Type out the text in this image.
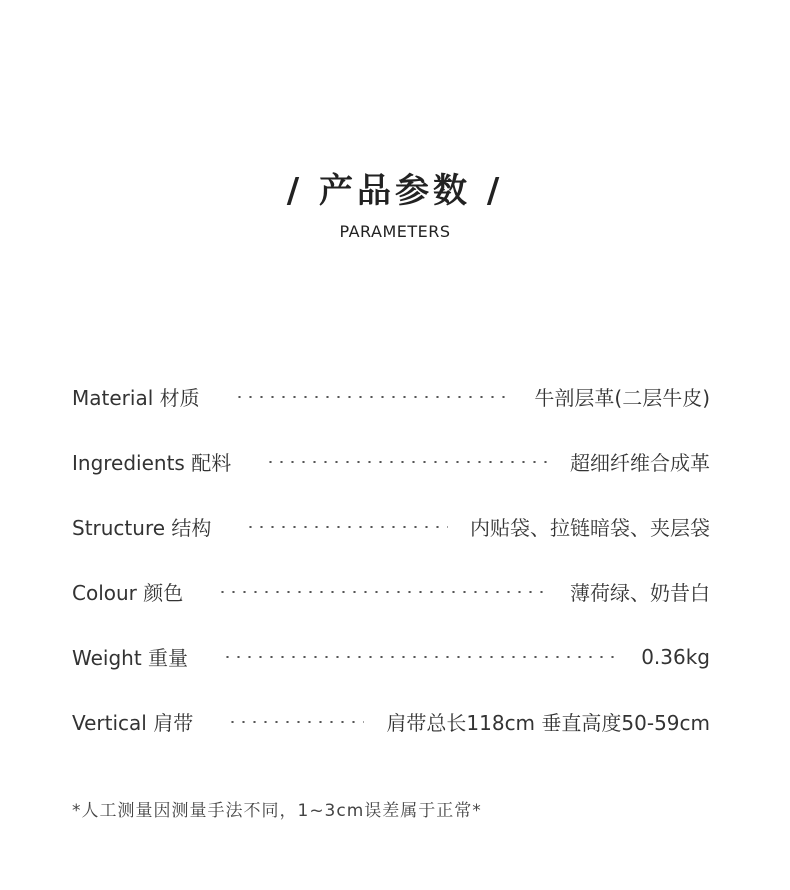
/ 产品参数 /
PARAMETERS
Material 材质	牛剖层革(二层牛皮)
Ingredients 配料	超细纤维合成革
Structure 结构	内贴袋、拉链暗袋、夹层袋
Colour 颜色	薄荷绿、奶昔白
Weight 重量	0.36kg
Vertical 肩带	肩带总长118cm 垂直高度50-59cm
*人工测量因测量手法不同，1~3cm误差属于正常*
